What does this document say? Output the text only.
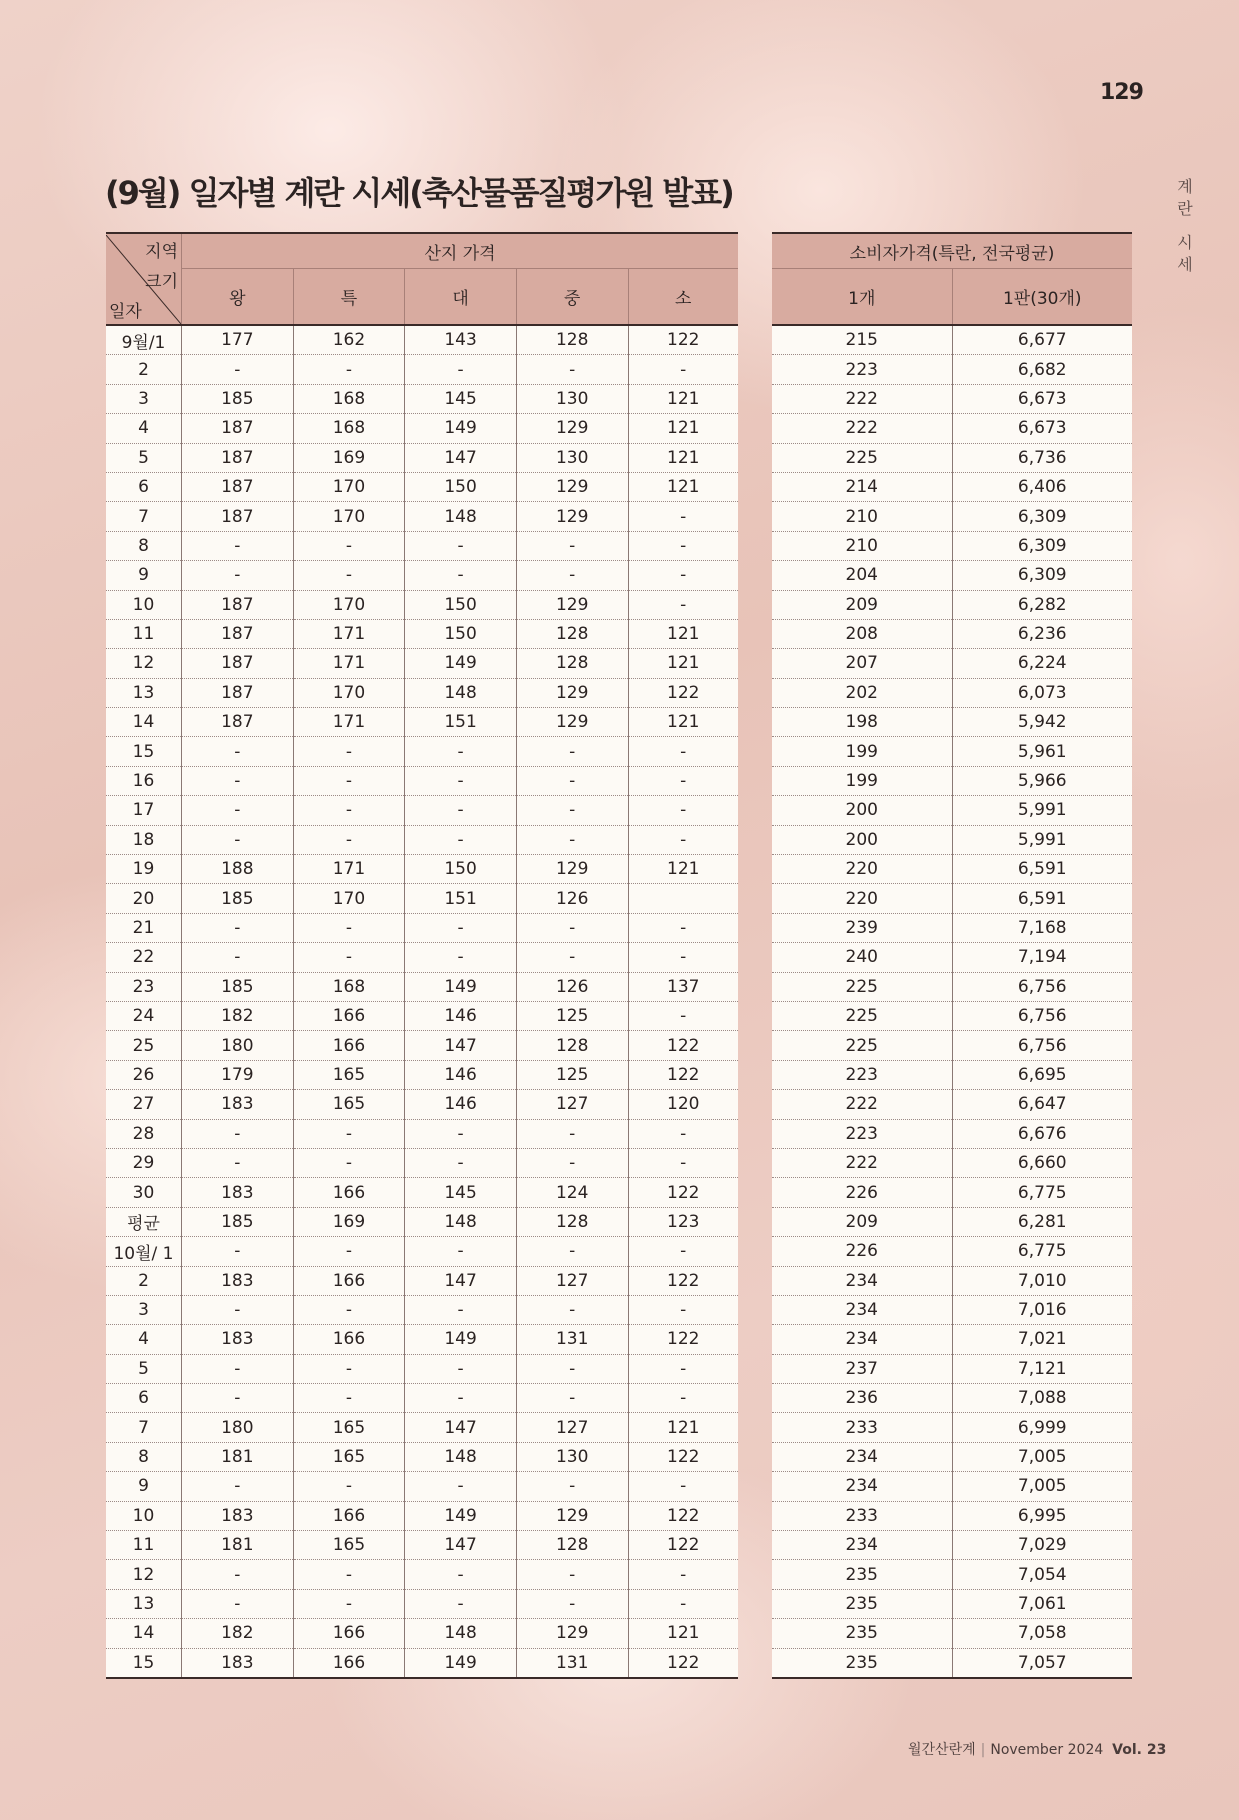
129
계
란
시
세
(9월) 일자별 계란 시세(축산물품질평가원 발표)
지역
크기
일자	산지 가격				
	왕	특	대	중	소
9월/1	177	162	143	128	122
2	-	-	-	-	-
3	185	168	145	130	121
4	187	168	149	129	121
5	187	169	147	130	121
6	187	170	150	129	121
7	187	170	148	129	-
8	-	-	-	-	-
9	-	-	-	-	-
10	187	170	150	129	-
11	187	171	150	128	121
12	187	171	149	128	121
13	187	170	148	129	122
14	187	171	151	129	121
15	-	-	-	-	-
16	-	-	-	-	-
17	-	-	-	-	-
18	-	-	-	-	-
19	188	171	150	129	121
20	185	170	151	126	
21	-	-	-	-	-
22	-	-	-	-	-
23	185	168	149	126	137
24	182	166	146	125	-
25	180	166	147	128	122
26	179	165	146	125	122
27	183	165	146	127	120
28	-	-	-	-	-
29	-	-	-	-	-
30	183	166	145	124	122
평균	185	169	148	128	123
10월/ 1	-	-	-	-	-
2	183	166	147	127	122
3	-	-	-	-	-
4	183	166	149	131	122
5	-	-	-	-	-
6	-	-	-	-	-
7	180	165	147	127	121
8	181	165	148	130	122
9	-	-	-	-	-
10	183	166	149	129	122
11	181	165	147	128	122
12	-	-	-	-	-
13	-	-	-	-	-
14	182	166	148	129	121
15	183	166	149	131	122
소비자가격(특란, 전국평균)	
1개	1판(30개)
215	6,677
223	6,682
222	6,673
222	6,673
225	6,736
214	6,406
210	6,309
210	6,309
204	6,309
209	6,282
208	6,236
207	6,224
202	6,073
198	5,942
199	5,961
199	5,966
200	5,991
200	5,991
220	6,591
220	6,591
239	7,168
240	7,194
225	6,756
225	6,756
225	6,756
223	6,695
222	6,647
223	6,676
222	6,660
226	6,775
209	6,281
226	6,775
234	7,010
234	7,016
234	7,021
237	7,121
236	7,088
233	6,999
234	7,005
234	7,005
233	6,995
234	7,029
235	7,054
235	7,061
235	7,058
235	7,057
월간산란계 | November 2024 Vol. 23
